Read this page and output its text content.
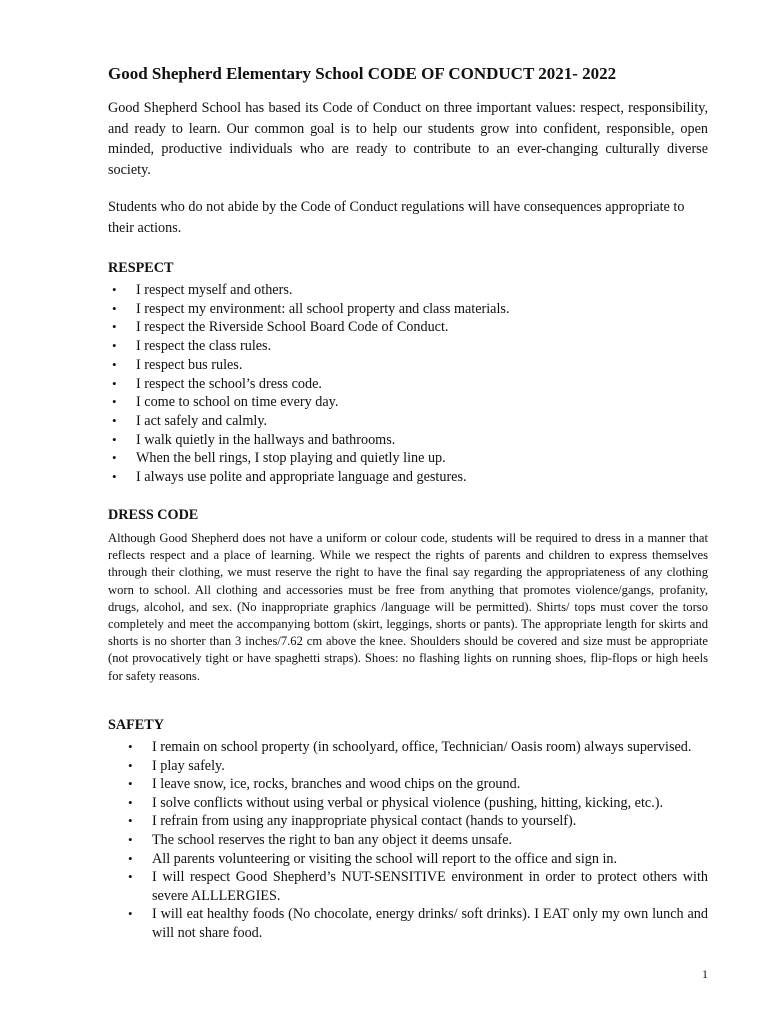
Good Shepherd Elementary School CODE OF CONDUCT 2021- 2022

Good Shepherd School has based its Code of Conduct on three important values: respect, responsibility, and ready to learn. Our common goal is to help our students grow into confident, responsible, open minded, productive individuals who are ready to contribute to an ever-changing culturally diverse society.

Students who do not abide by the Code of Conduct regulations will have consequences appropriate to their actions.

RESPECT
• I respect myself and others.
• I respect my environment: all school property and class materials.
• I respect the Riverside School Board Code of Conduct.
• I respect the class rules.
• I respect bus rules.
• I respect the school’s dress code.
• I come to school on time every day.
• I act safely and calmly.
• I walk quietly in the hallways and bathrooms.
• When the bell rings, I stop playing and quietly line up.
• I always use polite and appropriate language and gestures.
DRESS CODE

Although Good Shepherd does not have a uniform or colour code, students will be required to dress in a manner that reflects respect and a place of learning. While we respect the rights of parents and children to express themselves through their clothing, we must reserve the right to have the final say regarding the appropriateness of any clothing worn to school. All clothing and accessories must be free from anything that promotes violence/gangs, profanity, drugs, alcohol, and sex. (No inappropriate graphics /language will be permitted). Shirts/ tops must cover the torso completely and meet the accompanying bottom (skirt, leggings, shorts or pants). The appropriate length for skirts and shorts is no shorter than 3 inches/7.62 cm above the knee. Shoulders should be covered and size must be appropriate (not provocatively tight or have spaghetti straps). Shoes: no flashing lights on running shoes, flip-flops or high heels for safety reasons.

SAFETY
• I remain on school property (in schoolyard, office, Technician/ Oasis room) always supervised.
• I play safely.
• I leave snow, ice, rocks, branches and wood chips on the ground.
• I solve conflicts without using verbal or physical violence (pushing, hitting, kicking, etc.).
• I refrain from using any inappropriate physical contact (hands to yourself).
• The school reserves the right to ban any object it deems unsafe.
• All parents volunteering or visiting the school will report to the office and sign in.
• I will respect Good Shepherd’s NUT-SENSITIVE environment in order to protect others with severe ALLLERGIES.
• I will eat healthy foods (No chocolate, energy drinks/ soft drinks). I EAT only my own lunch and will not share food.

1
